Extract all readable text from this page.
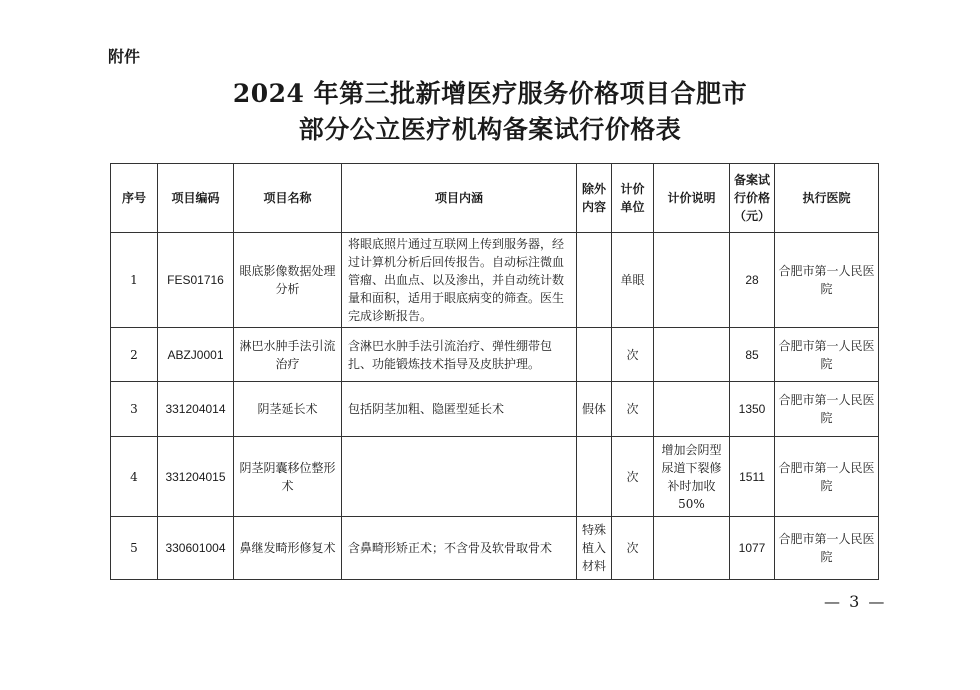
附件
2024 年第三批新增医疗服务价格项目合肥市
部分公立医疗机构备案试行价格表
序号	项目编码	项目名称	项目内涵	除外内容	计价单位	计价说明	备案试行价格（元）	执行医院
1	FES01716	眼底影像数据处理分析	将眼底照片通过互联网上传到服务器，经过计算机分析后回传报告。自动标注微血管瘤、出血点、以及渗出，并自动统计数量和面积，适用于眼底病变的筛查。医生完成诊断报告。		单眼		28	合肥市第一人民医院
2	ABZJ0001	淋巴水肿手法引流治疗	含淋巴水肿手法引流治疗、弹性绷带包扎、功能锻炼技术指导及皮肤护理。		次		85	合肥市第一人民医院
3	331204014	阴茎延长术	包括阴茎加粗、隐匿型延长术	假体	次		1350	合肥市第一人民医院
4	331204015	阴茎阴囊移位整形术			次	增加会阴型尿道下裂修补时加收 50%	1511	合肥市第一人民医院
5	330601004	鼻继发畸形修复术	含鼻畸形矫正术；不含骨及软骨取骨术	特殊植入材料	次		1077	合肥市第一人民医院
— 3 —
